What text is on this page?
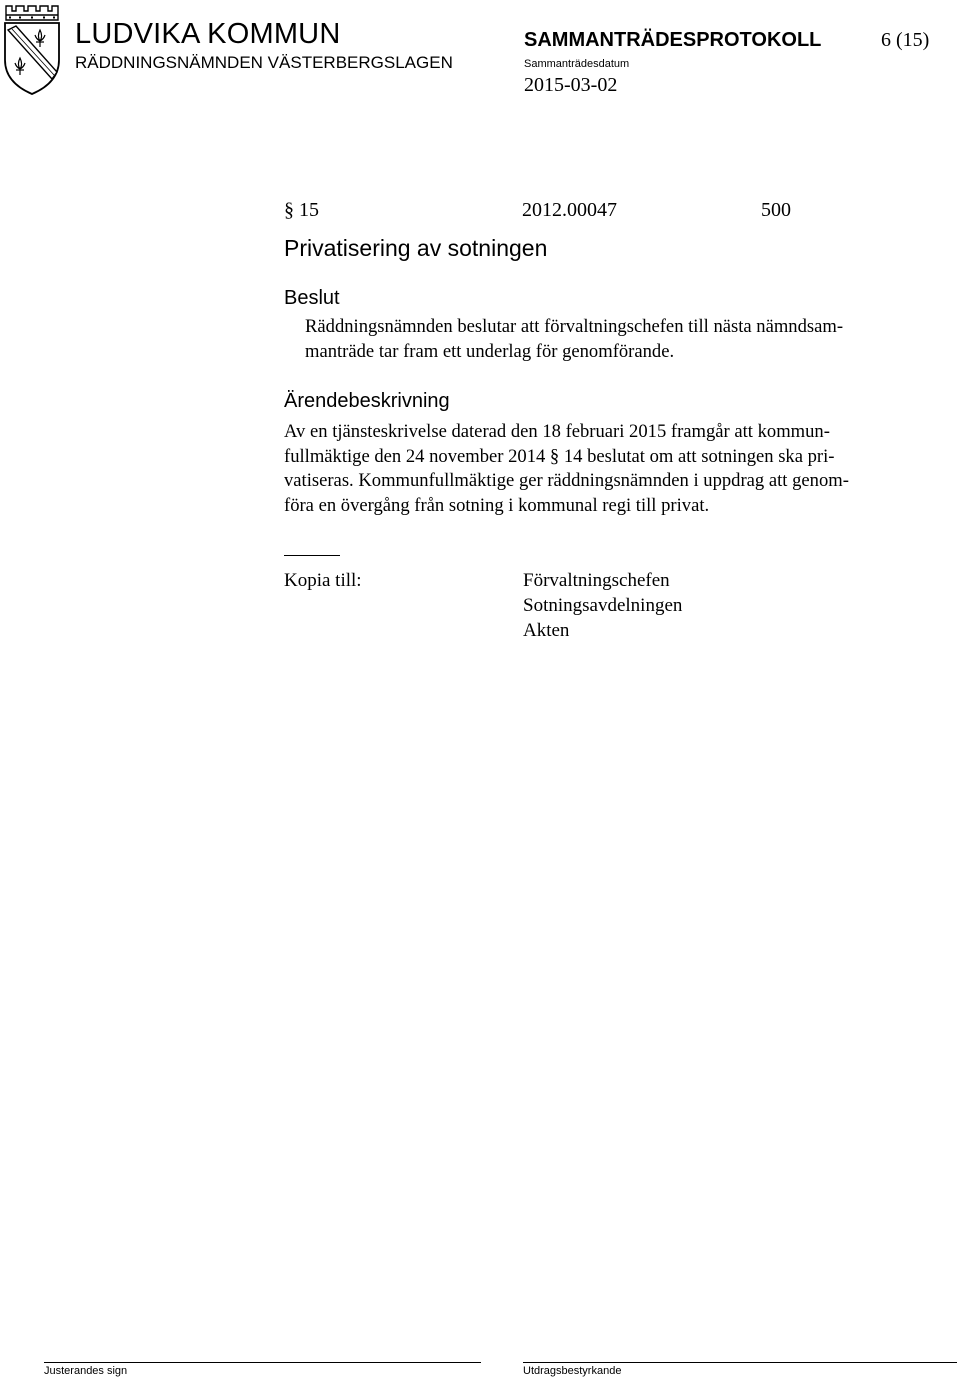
LUDVIKA KOMMUN
RÄDDNINGSNÄMNDEN VÄSTERBERGSLAGEN
SAMMANTRÄDESPROTOKOLL	6 (15)
Sammanträdesdatum
2015-03-02
§ 15	2012.00047	500
Privatisering av sotningen
Beslut
Räddningsnämnden beslutar att förvaltningschefen till nästa nämndsam-
manträde tar fram ett underlag för genomförande.
Ärendebeskrivning
Av en tjänsteskrivelse daterad den 18 februari 2015 framgår att kommun-
fullmäktige den 24 november 2014 § 14 beslutat om att sotningen ska pri-
vatiseras. Kommunfullmäktige ger räddningsnämnden i uppdrag att genom-
föra en övergång från sotning i kommunal regi till privat.
Kopia till:	Förvaltningschefen
Sotningsavdelningen
Akten
Justerandes sign	Utdragsbestyrkande
